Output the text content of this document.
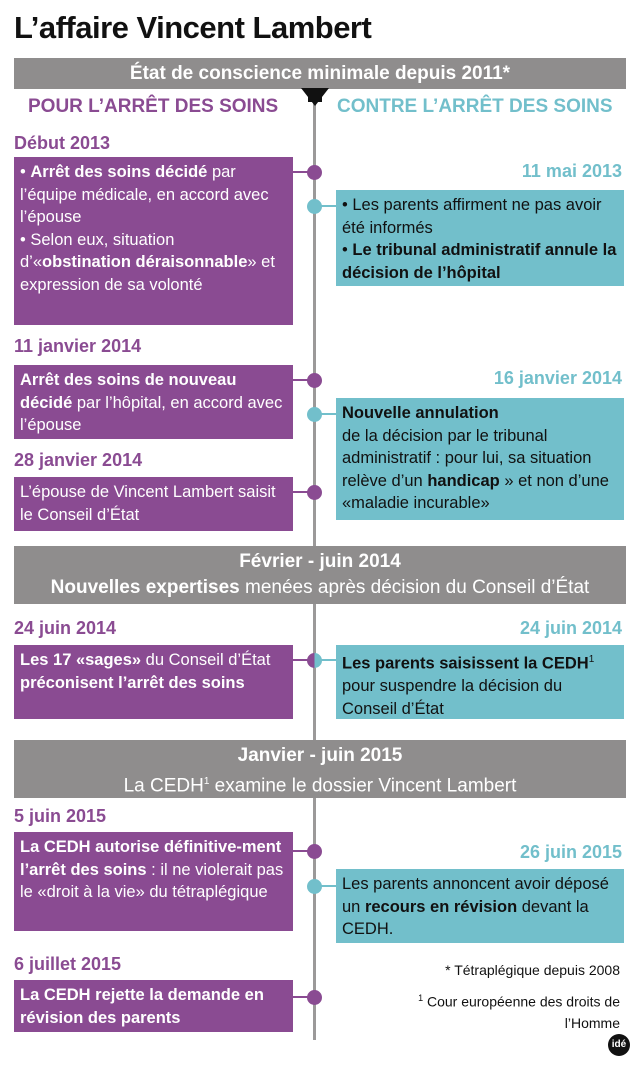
L’affaire Vincent Lambert
État de conscience minimale depuis 2011*
POUR L’ARRÊT DES SOINS	CONTRE L’ARRÊT DES SOINS
Début 2013
• Arrêt des soins décidé par l’équipe médicale, en accord avec l’épouse
• Selon eux, situation d’«obstination déraisonnable» et expression de sa volonté
11 mai 2013
• Les parents affirment ne pas avoir été informés
• Le tribunal administratif annule la décision de l’hôpital
11 janvier 2014
Arrêt des soins de nouveau décidé par l’hôpital, en accord avec l’épouse
16 janvier 2014
Nouvelle annulation
de la décision par le tribunal administratif : pour lui, sa situation relève d’un handicap » et non d’une «maladie incurable»
28 janvier 2014
L’épouse de Vincent Lambert saisit le Conseil d’État
Février - juin 2014
Nouvelles expertises menées après décision du Conseil d’État
24 juin 2014
Les 17 «sages» du Conseil d’État préconisent l’arrêt des soins
24 juin 2014
Les parents saisissent la CEDH$^1$
pour suspendre la décision du Conseil d’État
Janvier - juin 2015
La CEDH$^1$ examine le dossier Vincent Lambert
5 juin 2015
La CEDH autorise définitive-ment l’arrêt des soins : il ne violerait pas le «droit à la vie» du tétraplégique
26 juin 2015
Les parents annoncent avoir déposé un recours en révision devant la CEDH.
6 juillet 2015
La CEDH rejette la demande en révision des parents
* Tétraplégique depuis 2008
$^1$ Cour européenne des droits de l’Homme
idé
